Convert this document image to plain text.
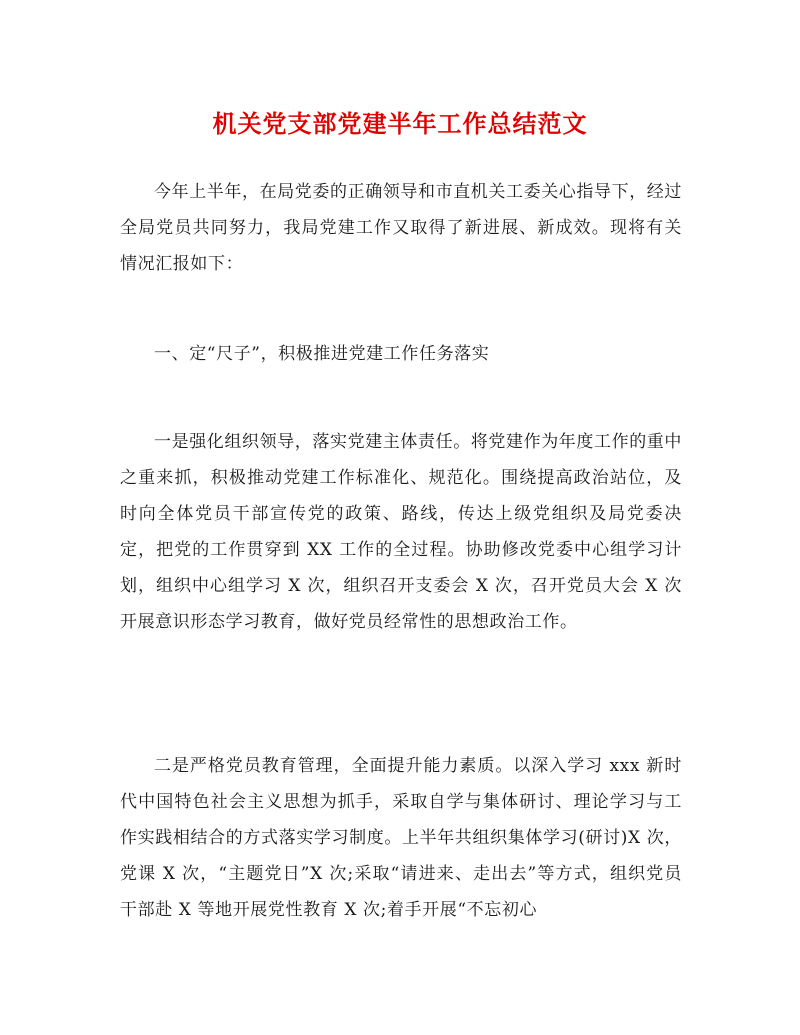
机关党支部党建半年工作总结范文

今年上半年，在局党委的正确领导和市直机关工委关心指导下，经过全局党员共同努力，我局党建工作又取得了新进展、新成效。现将有关情况汇报如下：

一、定“尺子”，积极推进党建工作任务落实

一是强化组织领导，落实党建主体责任。将党建作为年度工作的重中之重来抓，积极推动党建工作标准化、规范化。围绕提高政治站位，及时向全体党员干部宣传党的政策、路线，传达上级党组织及局党委决定，把党的工作贯穿到 XX 工作的全过程。协助修改党委中心组学习计划，组织中心组学习 X 次，组织召开支委会 X 次，召开党员大会 X 次开展意识形态学习教育，做好党员经常性的思想政治工作。

二是严格党员教育管理，全面提升能力素质。以深入学习 xxx 新时代中国特色社会主义思想为抓手，采取自学与集体研讨、理论学习与工作实践相结合的方式落实学习制度。上半年共组织集体学习(研讨)X 次，党课 X 次，“主题党日”X 次;采取“请进来、走出去”等方式，组织党员干部赴 X 等地开展党性教育 X 次;着手开展“不忘初心
